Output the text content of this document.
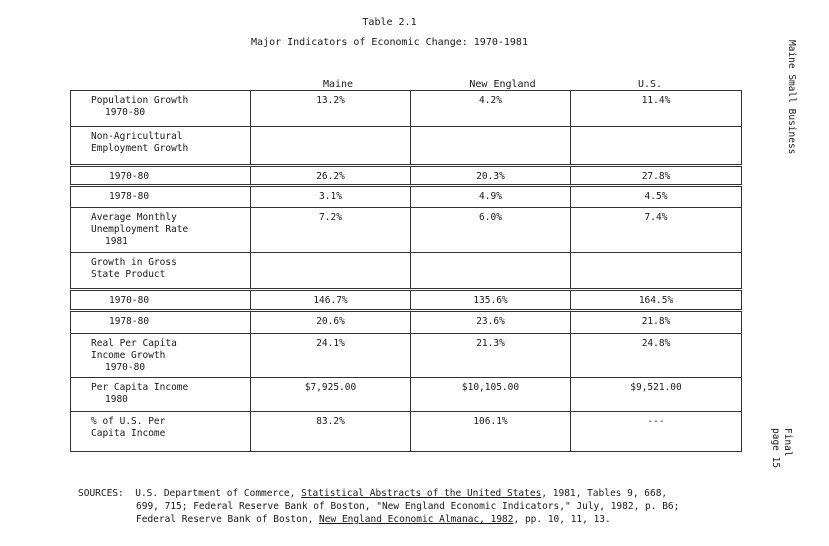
Table 2.1
Major Indicators of Economic Change: 1970-1981
Maine	New England	U.S.
Population Growth
1970-80	13.2%	4.2%	11.4%

Non-Agricultural
Employment Growth			

1970-80	26.2%	20.3%	27.8%

1978-80	3.1%	4.9%	4.5%

Average Monthly
Unemployment Rate
1981	7.2%	6.0%	7.4%

Growth in Gross
State Product			

1970-80	146.7%	135.6%	164.5%

1978-80	20.6%	23.6%	21.8%

Real Per Capita
Income Growth
1970-80	24.1%	21.3%	24.8%

Per Capita Income
1980	$7,925.00	$10,105.00	$9,521.00

% of U.S. Per
Capita Income	83.2%	106.1%	---
Maine Small Business
page 15 Final
SOURCES: U.S. Department of Commerce, Statistical Abstracts of the United States, 1981, Tables 9, 668,
699, 715; Federal Reserve Bank of Boston, "New England Economic Indicators," July, 1982, p. B6;
Federal Reserve Bank of Boston, New England Economic Almanac, 1982, pp. 10, 11, 13.
